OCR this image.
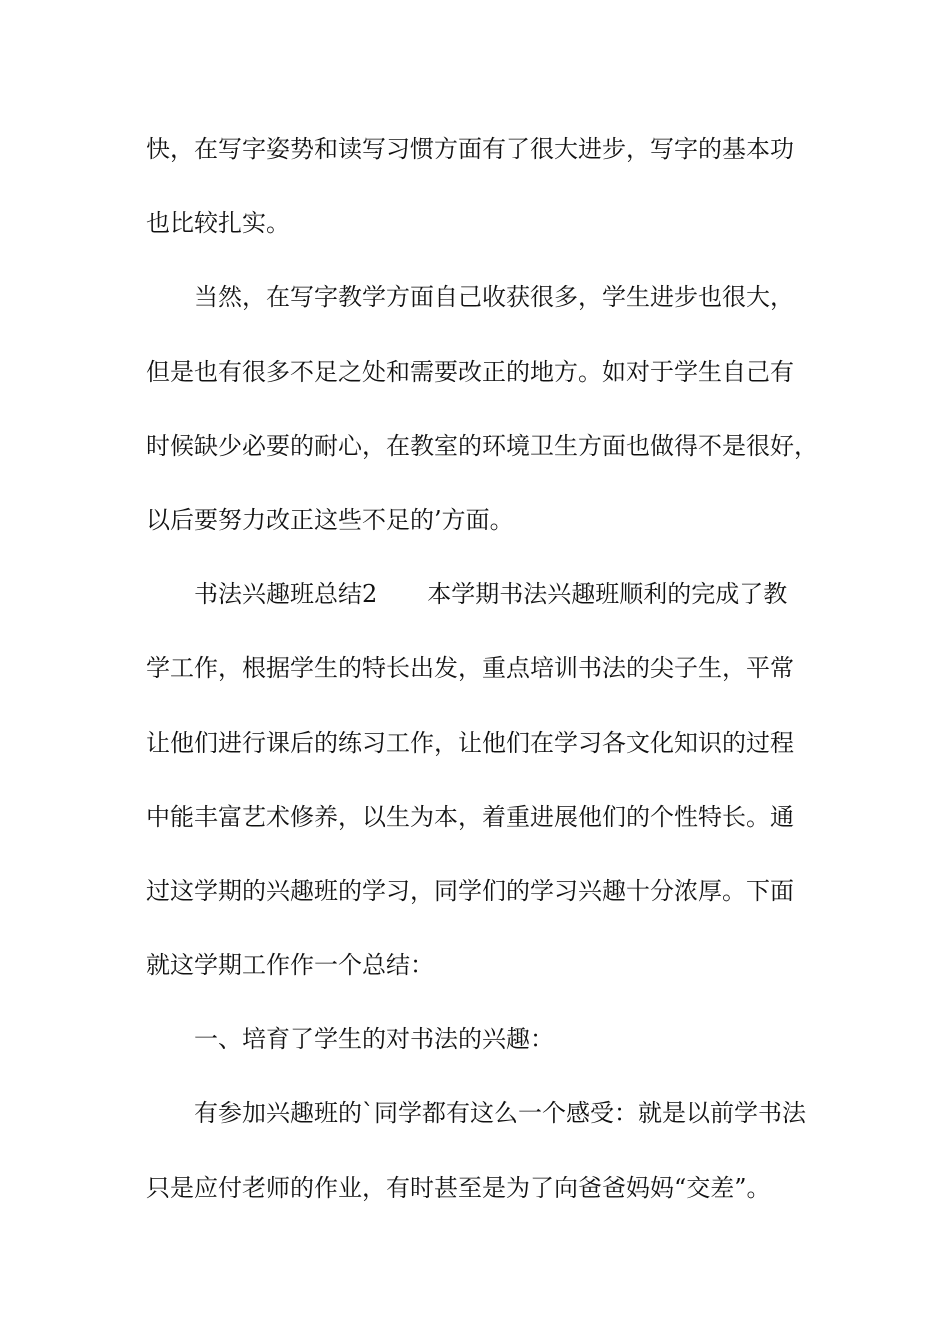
快，在写字姿势和读写习惯方面有了很大进步，写字的基本功
也比较扎实。
当然，在写字教学方面自己收获很多，学生进步也很大，
但是也有很多不足之处和需要改正的地方。如对于学生自己有
时候缺少必要的耐心，在教室的环境卫生方面也做得不是很好，
以后要努力改正这些不足的’方面。
书法兴趣班总结2 本学期书法兴趣班顺利的完成了教
学工作，根据学生的特长出发，重点培训书法的尖子生，平常
让他们进行课后的练习工作，让他们在学习各文化知识的过程
中能丰富艺术修养，以生为本，着重进展他们的个性特长。通
过这学期的兴趣班的学习，同学们的学习兴趣十分浓厚。下面
就这学期工作作一个总结：
一、培育了学生的对书法的兴趣：
有参加兴趣班的`同学都有这么一个感受：就是以前学书法
只是应付老师的作业，有时甚至是为了向爸爸妈妈“交差”。
